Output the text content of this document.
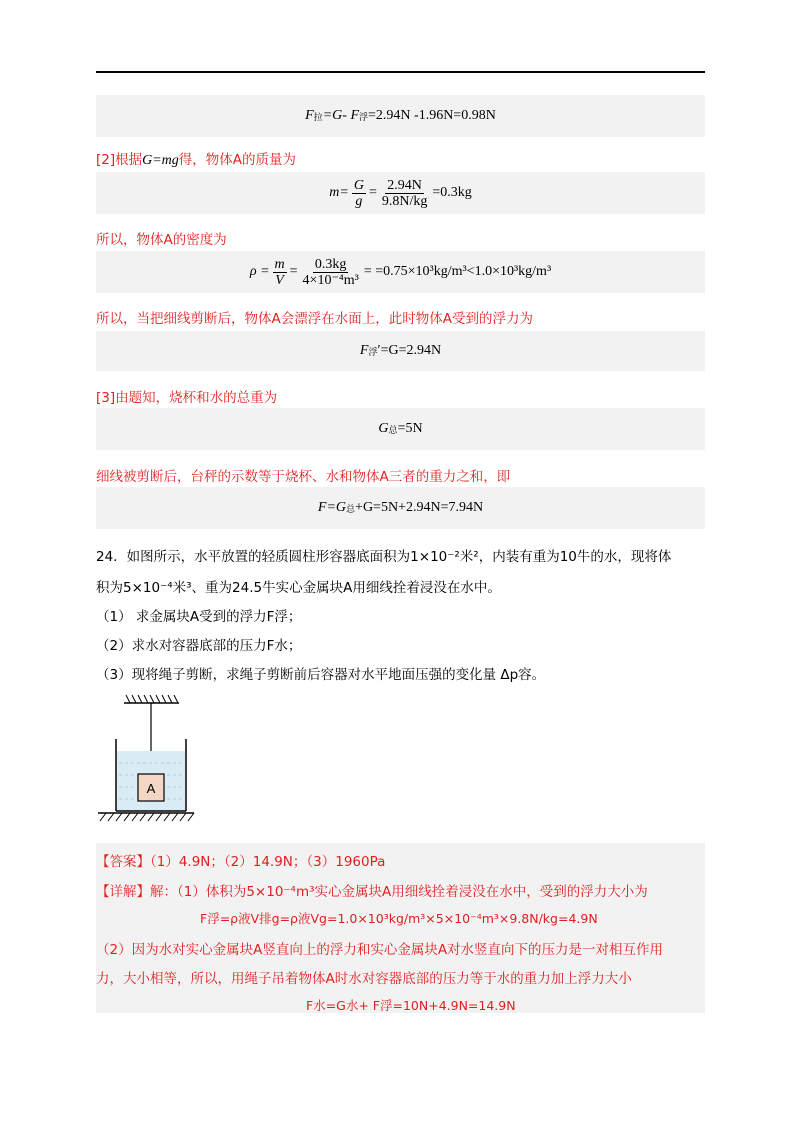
F 拉 =G- F 浮 =2.94N -1.96N=0.98N
[2]根据G=mg得，物体A的质量为
$m= \frac{G}{g} = \frac{2.94N}{9.8N/kg} =0.3kg$
所以，物体A的密度为
$\rho = \frac{m}{V} = \frac{0.3kg}{\text{4×10⁻⁴m³}} = =0.75\times 10^3kg/m^3<1.0\times 10^3kg/m^3$
所以，当把细线剪断后，物体A会漂浮在水面上，此时物体A受到的浮力为
F 浮 ′=G=2.94N
[3]由题知，烧杯和水的总重为
G 总 =5N
细线被剪断后，台秤的示数等于烧杯、水和物体A三者的重力之和，即
F=G 总 +G=5N+2.94N=7.94N
24．如图所示，水平放置的轻质圆柱形容器底面积为1×10⁻²米²，内装有重为10牛的水，现将体
积为5×10⁻⁴米³、重为24.5牛实心金属块A用细线拴着浸没在水中。
（1） 求金属块A受到的浮力F浮；
（2）求水对容器底部的压力F水；
（3）现将绳子剪断，求绳子剪断前后容器对水平地面压强的变化量 Δp容。
A
【答案】（1）4.9N；（2）14.9N；（3）1960Pa
【详解】解：（1）体积为5×10⁻⁴m³实心金属块A用细线拴着浸没在水中，受到的浮力大小为
F浮=ρ液V排g=ρ液Vg=1.0×10³kg/m³×5×10⁻⁴m³×9.8N/kg=4.9N
（2）因为水对实心金属块A竖直向上的浮力和实心金属块A对水竖直向下的压力是一对相互作用
力，大小相等，所以，用绳子吊着物体A时水对容器底部的压力等于水的重力加上浮力大小
F水=G水+ F浮=10N+4.9N=14.9N
